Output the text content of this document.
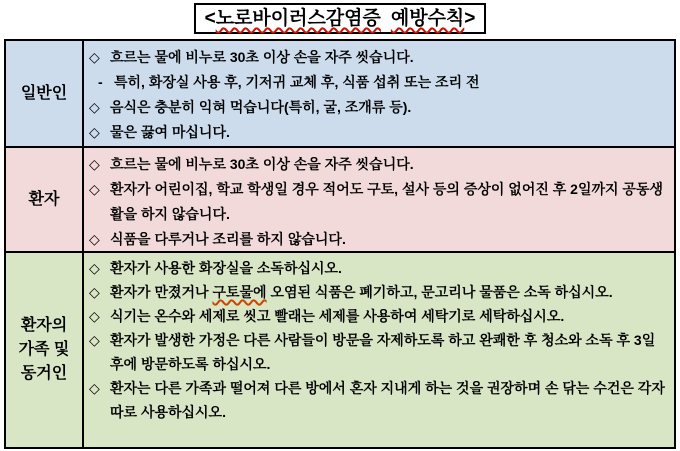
<노로바이러스감염증 예방수칙>
일반인
◇ 흐르는 물에 비누로 30초 이상 손을 자주 씻습니다.
- 특히, 화장실 사용 후, 기저귀 교체 후, 식품 섭취 또는 조리 전
◇ 음식은 충분히 익혀 먹습니다(특히, 굴, 조개류 등).
◇ 물은 끓여 마십니다.
환자
◇ 흐르는 물에 비누로 30초 이상 손을 자주 씻습니다.
◇ 환자가 어린이집, 학교 학생일 경우 적어도 구토, 설사 등의 증상이 없어진 후 2일까지 공동생활을 하지 않습니다.
◇ 식품을 다루거나 조리를 하지 않습니다.
환자의 가족 및 동거인
◇ 환자가 사용한 화장실을 소독하십시오.
◇ 환자가 만졌거나 구토물에 오염된 식품은 폐기하고, 문고리나 물품은 소독 하십시오.
◇ 식기는 온수와 세제로 씻고 빨래는 세제를 사용하여 세탁기로 세탁하십시오.
◇ 환자가 발생한 가정은 다른 사람들이 방문을 자제하도록 하고 완쾌한 후 청소와 소독 후 3일 후에 방문하도록 하십시오.
◇ 환자는 다른 가족과 떨어져 다른 방에서 혼자 지내게 하는 것을 권장하며 손 닦는 수건은 각자 따로 사용하십시오.
